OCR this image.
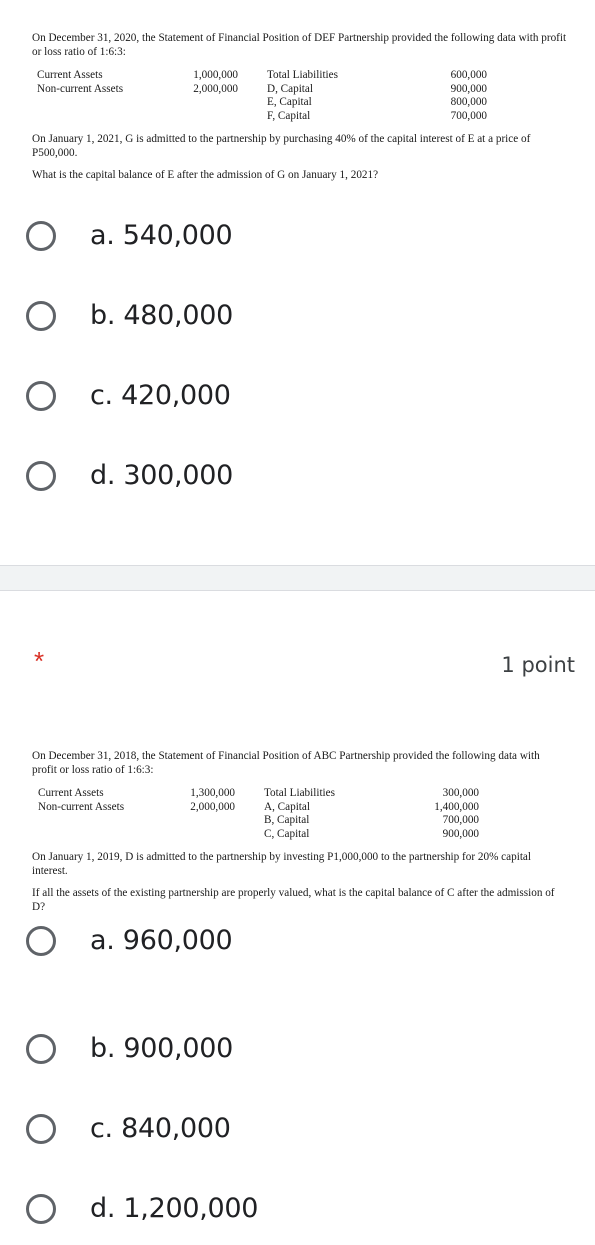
On December 31, 2020, the Statement of Financial Position of DEF Partnership provided the following data with profit or loss ratio of 1:6:3:

Current Assets
Non-current Assets
1,000,000
2,000,000
Total Liabilities
D, Capital
E, Capital
F, Capital
600,000
900,000
800,000
700,000

On January 1, 2021, G is admitted to the partnership by purchasing 40% of the capital interest of E at a price of P500,000.

What is the capital balance of E after the admission of G on January 1, 2021?

a. 540,000
b. 480,000
c. 420,000
d. 300,000
*	1 point

On December 31, 2018, the Statement of Financial Position of ABC Partnership provided the following data with profit or loss ratio of 1:6:3:

Current Assets
Non-current Assets
1,300,000
2,000,000
Total Liabilities
A, Capital
B, Capital
C, Capital
300,000
1,400,000
700,000
900,000

On January 1, 2019, D is admitted to the partnership by investing P1,000,000 to the partnership for 20% capital interest.

If all the assets of the existing partnership are properly valued, what is the capital balance of C after the admission of D?

a. 960,000
b. 900,000
c. 840,000
d. 1,200,000
